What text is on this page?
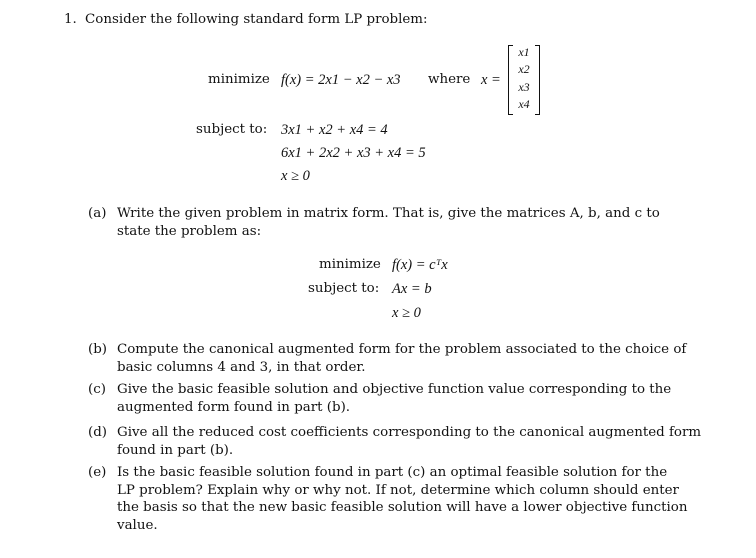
1. Consider the following standard form LP problem:
minimize f(x) = 2x1 − x2 − x3 where x =
x1
x2
x3
x4
subject to: 3x1 + x2 + x4 = 4
6x1 + 2x2 + x3 + x4 = 5
x ≥ 0
(a) Write the given problem in matrix form. That is, give the matrices A, b, and c to
state the problem as:
minimize f(x) = cᵀx
subject to: Ax = b
x ≥ 0
(b) Compute the canonical augmented form for the problem associated to the choice of
basic columns 4 and 3, in that order.
(c) Give the basic feasible solution and objective function value corresponding to the
augmented form found in part (b).
(d) Give all the reduced cost coefficients corresponding to the canonical augmented form
found in part (b).
(e) Is the basic feasible solution found in part (c) an optimal feasible solution for the
LP problem? Explain why or why not. If not, determine which column should enter
the basis so that the new basic feasible solution will have a lower objective function
value.
